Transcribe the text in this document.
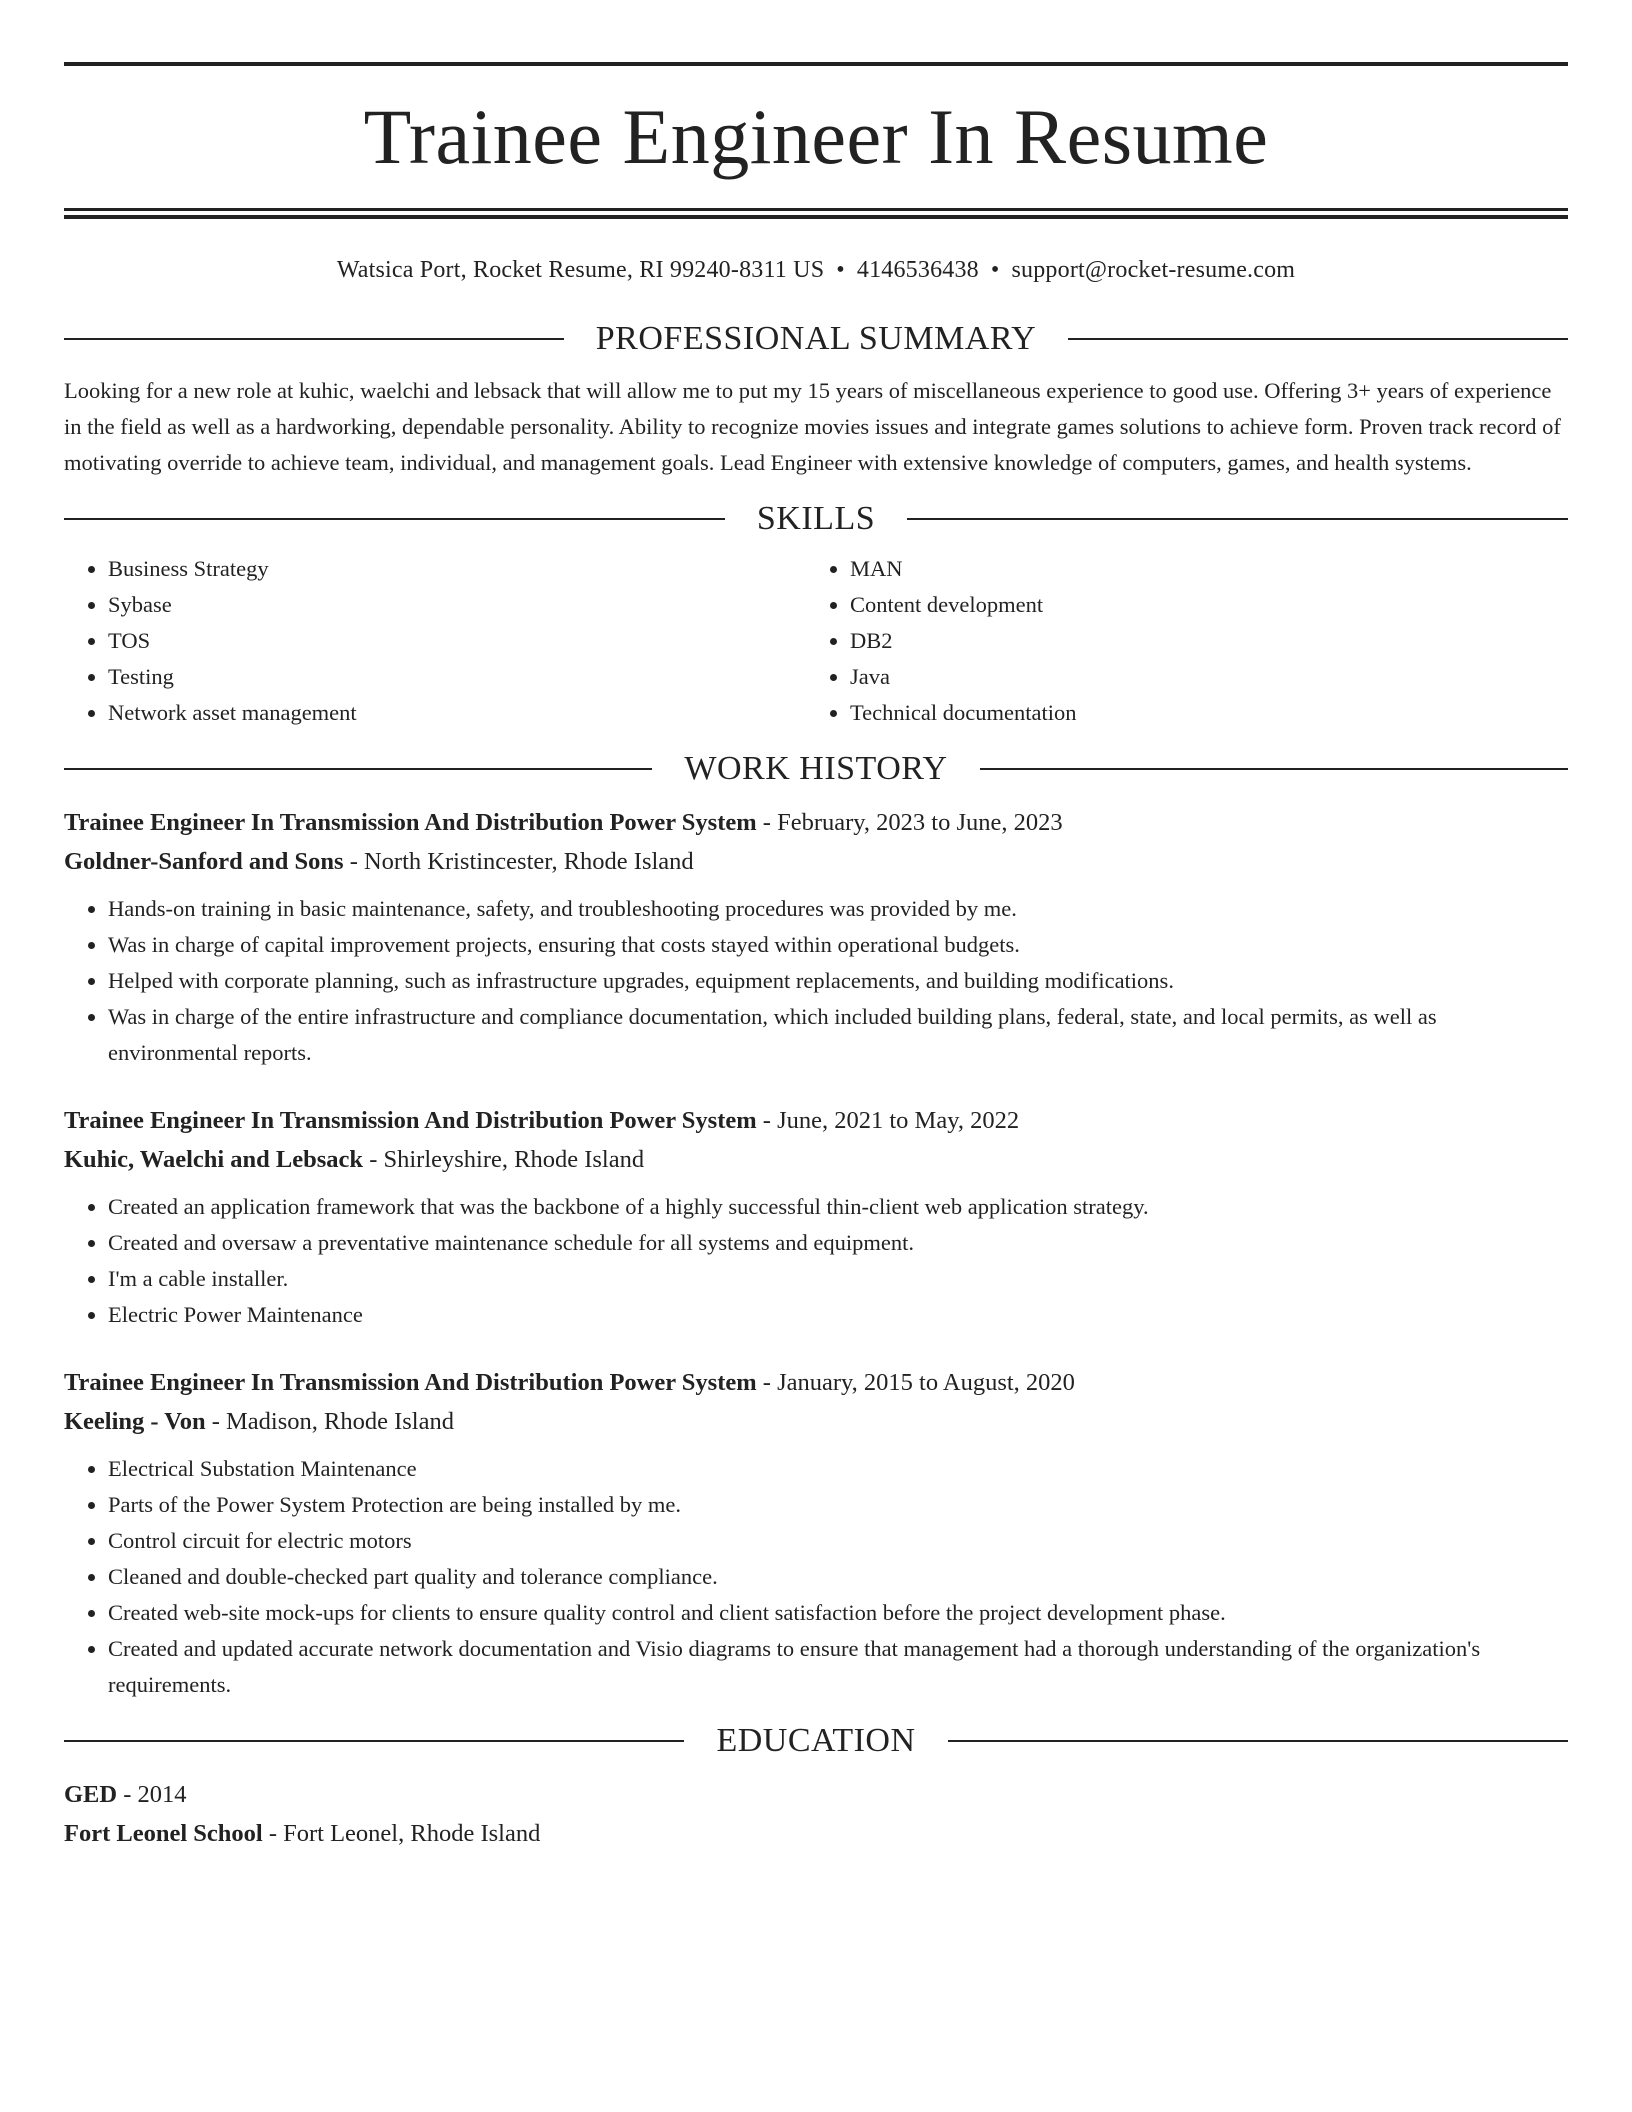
Trainee Engineer In Resume
Watsica Port, Rocket Resume, RI 99240-8311 US • 4146536438 • support@rocket-resume.com
PROFESSIONAL SUMMARY

Looking for a new role at kuhic, waelchi and lebsack that will allow me to put my 15 years of miscellaneous experience to good use. Offering 3+ years of experience in the field as well as a hardworking, dependable personality. Ability to recognize movies issues and integrate games solutions to achieve form. Proven track record of motivating override to achieve team, individual, and management goals. Lead Engineer with extensive knowledge of computers, games, and health systems.

SKILLS
• Business Strategy
• Sybase
• TOS
• Testing
• Network asset management
• MAN
• Content development
• DB2
• Java
• Technical documentation
WORK HISTORY
Trainee Engineer In Transmission And Distribution Power System - February, 2023 to June, 2023
Goldner-Sanford and Sons - North Kristincester, Rhode Island
• Hands-on training in basic maintenance, safety, and troubleshooting procedures was provided by me.
• Was in charge of capital improvement projects, ensuring that costs stayed within operational budgets.
• Helped with corporate planning, such as infrastructure upgrades, equipment replacements, and building modifications.
• Was in charge of the entire infrastructure and compliance documentation, which included building plans, federal, state, and local permits, as well as environmental reports.
Trainee Engineer In Transmission And Distribution Power System - June, 2021 to May, 2022
Kuhic, Waelchi and Lebsack - Shirleyshire, Rhode Island
• Created an application framework that was the backbone of a highly successful thin-client web application strategy.
• Created and oversaw a preventative maintenance schedule for all systems and equipment.
• I'm a cable installer.
• Electric Power Maintenance
Trainee Engineer In Transmission And Distribution Power System - January, 2015 to August, 2020
Keeling - Von - Madison, Rhode Island
• Electrical Substation Maintenance
• Parts of the Power System Protection are being installed by me.
• Control circuit for electric motors
• Cleaned and double-checked part quality and tolerance compliance.
• Created web-site mock-ups for clients to ensure quality control and client satisfaction before the project development phase.
• Created and updated accurate network documentation and Visio diagrams to ensure that management had a thorough understanding of the organization's requirements.
EDUCATION
GED - 2014
Fort Leonel School - Fort Leonel, Rhode Island
